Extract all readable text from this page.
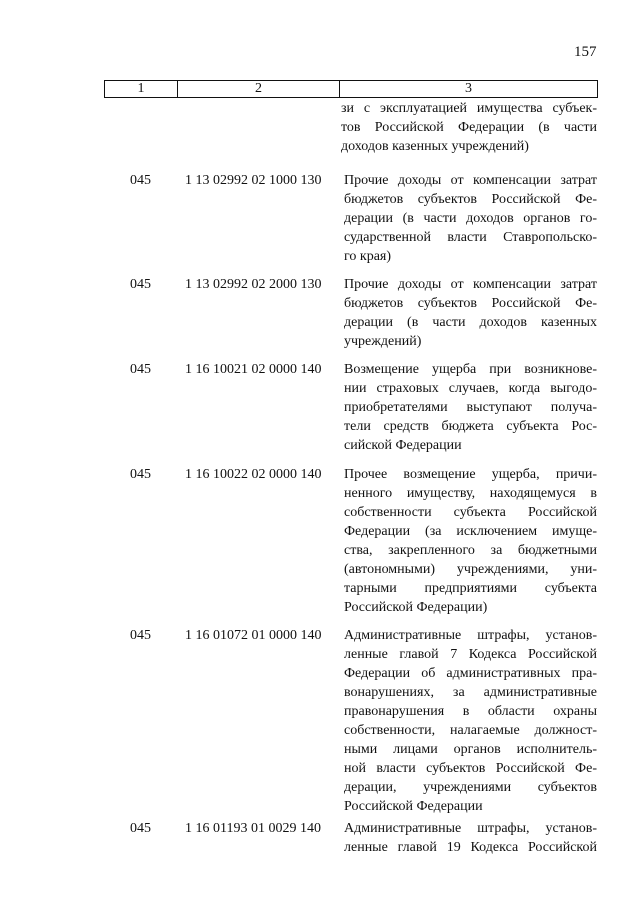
157
1	2	3
зи с эксплуатацией имущества субъек-
тов Российской Федерации (в части
доходов казенных учреждений)
045 1 13 02992 02 1000 130 Прочие доходы от компенсации затрат
бюджетов субъектов Российской Фе-
дерации (в части доходов органов го-
сударственной власти Ставропольско-
го края)
045 1 13 02992 02 2000 130 Прочие доходы от компенсации затрат
бюджетов субъектов Российской Фе-
дерации (в части доходов казенных
учреждений)
045 1 16 10021 02 0000 140 Возмещение ущерба при возникнове-
нии страховых случаев, когда выгодо-
приобретателями выступают получа-
тели средств бюджета субъекта Рос-
сийской Федерации
045 1 16 10022 02 0000 140 Прочее возмещение ущерба, причи-
ненного имуществу, находящемуся в
собственности субъекта Российской
Федерации (за исключением имуще-
ства, закрепленного за бюджетными
(автономными) учреждениями, уни-
тарными предприятиями субъекта
Российской Федерации)
045 1 16 01072 01 0000 140 Административные штрафы, установ-
ленные главой 7 Кодекса Российской
Федерации об административных пра-
вонарушениях, за административные
правонарушения в области охраны
собственности, налагаемые должност-
ными лицами органов исполнитель-
ной власти субъектов Российской Фе-
дерации, учреждениями субъектов
Российской Федерации
045 1 16 01193 01 0029 140 Административные штрафы, установ-
ленные главой 19 Кодекса Российской
